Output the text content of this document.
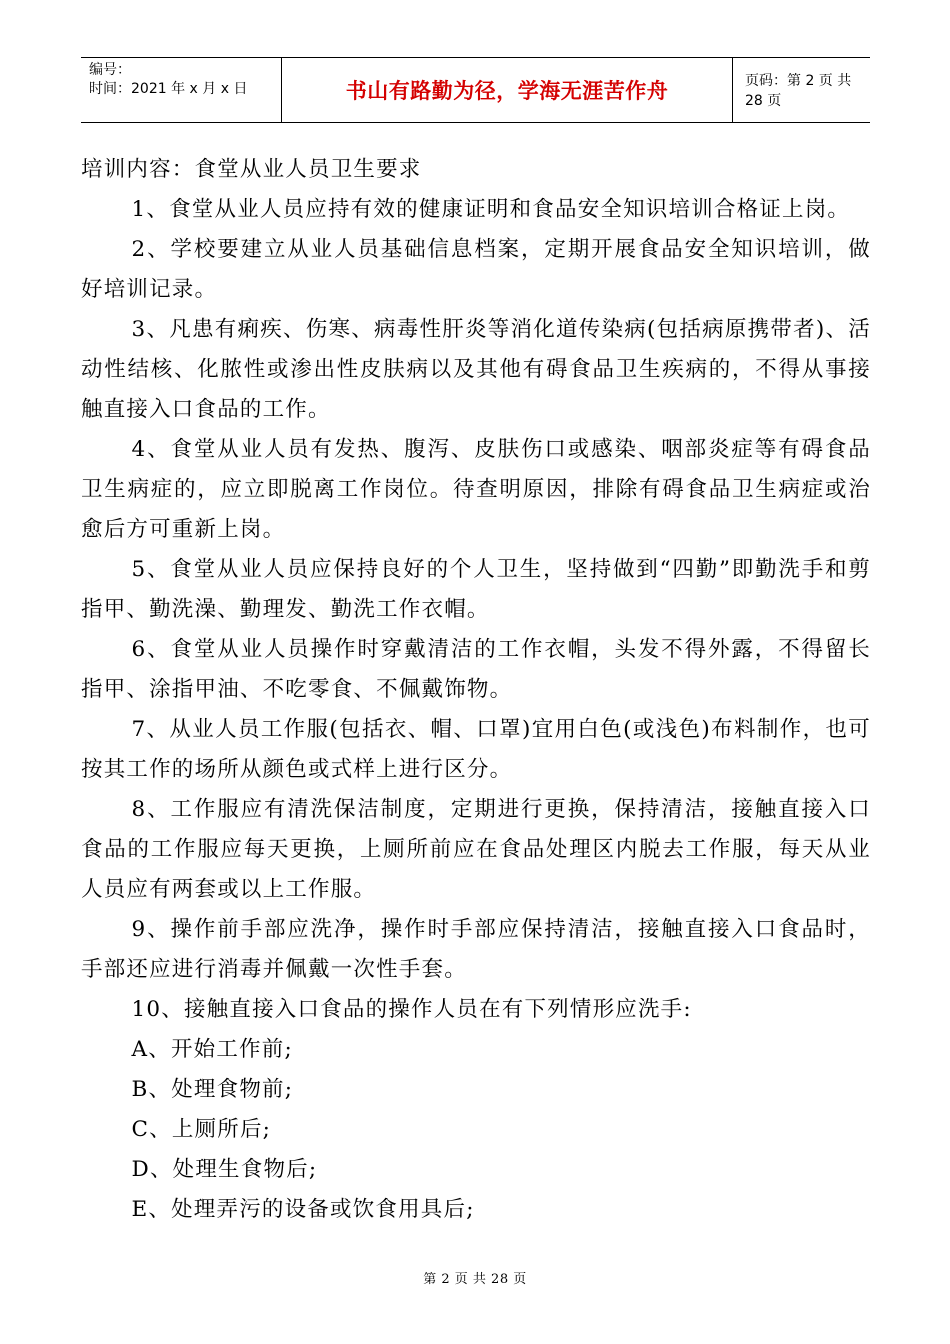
编号：
时间：2021 年 x 月 x 日	书山有路勤为径，学海无涯苦作舟	页码：第 2 页 共 28 页

培训内容：食堂从业人员卫生要求

1、食堂从业人员应持有效的健康证明和食品安全知识培训合格证上岗。

2、学校要建立从业人员基础信息档案，定期开展食品安全知识培训，做好培训记录。

3、凡患有痢疾、伤寒、病毒性肝炎等消化道传染病(包括病原携带者)、活动性结核、化脓性或渗出性皮肤病以及其他有碍食品卫生疾病的，不得从事接触直接入口食品的工作。

4、食堂从业人员有发热、腹泻、皮肤伤口或感染、咽部炎症等有碍食品卫生病症的，应立即脱离工作岗位。待查明原因，排除有碍食品卫生病症或治愈后方可重新上岗。

5、食堂从业人员应保持良好的个人卫生，坚持做到“四勤”即勤洗手和剪指甲、勤洗澡、勤理发、勤洗工作衣帽。

6、食堂从业人员操作时穿戴清洁的工作衣帽，头发不得外露，不得留长指甲、涂指甲油、不吃零食、不佩戴饰物。

7、从业人员工作服(包括衣、帽、口罩)宜用白色(或浅色)布料制作，也可按其工作的场所从颜色或式样上进行区分。

8、工作服应有清洗保洁制度，定期进行更换，保持清洁，接触直接入口食品的工作服应每天更换，上厕所前应在食品处理区内脱去工作服，每天从业人员应有两套或以上工作服。

9、操作前手部应洗净，操作时手部应保持清洁，接触直接入口食品时，手部还应进行消毒并佩戴一次性手套。

10、接触直接入口食品的操作人员在有下列情形应洗手:

A、开始工作前;

B、处理食物前;

C、上厕所后;

D、处理生食物后;

E、处理弄污的设备或饮食用具后;

第 2 页 共 28 页
